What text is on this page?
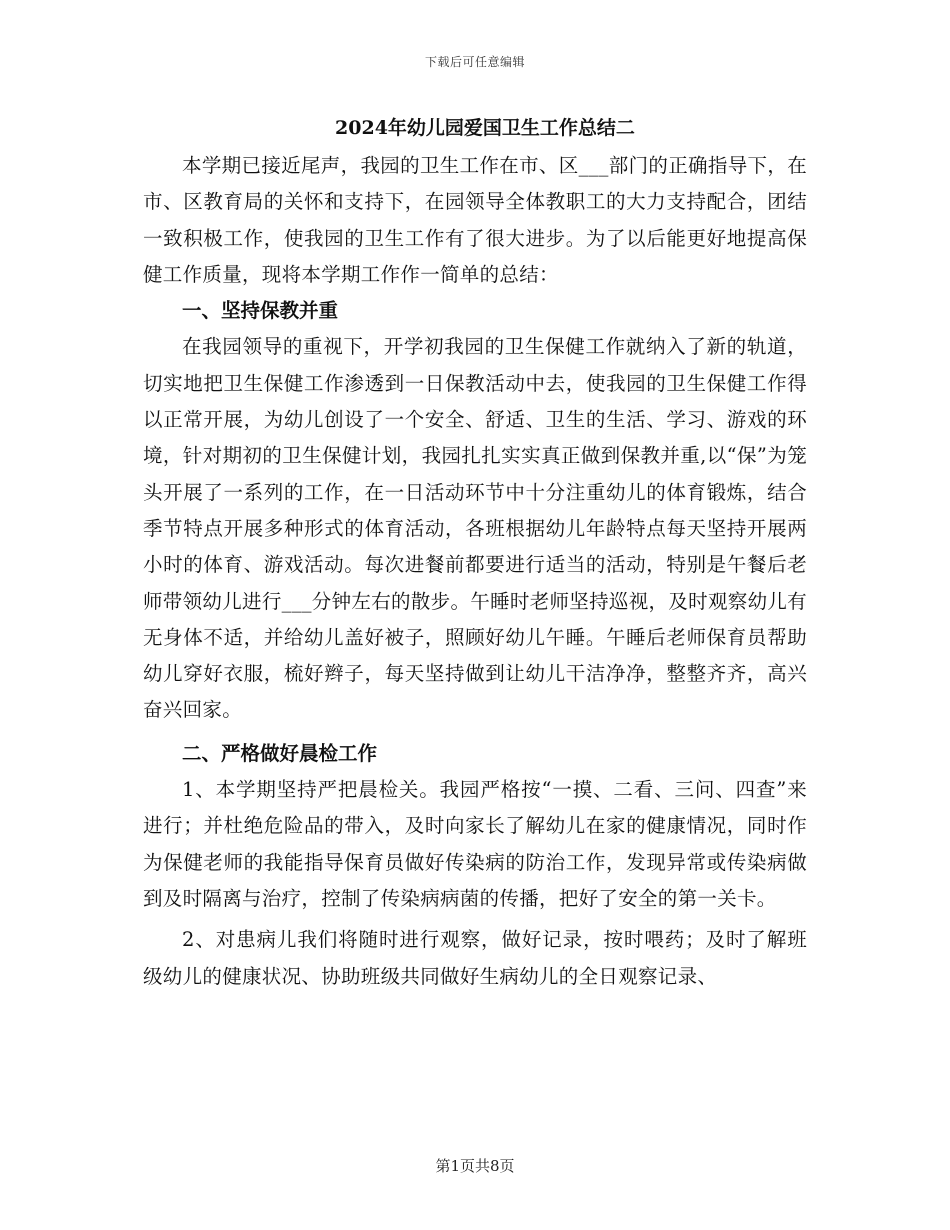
下载后可任意编辑
2024年幼儿园爱国卫生工作总结二

本学期已接近尾声，我园的卫生工作在市、区___部门的正确指导下，在市、区教育局的关怀和支持下，在园领导全体教职工的大力支持配合，团结一致积极工作，使我园的卫生工作有了很大进步。为了以后能更好地提高保健工作质量，现将本学期工作作一简单的总结：

一、坚持保教并重

在我园领导的重视下，开学初我园的卫生保健工作就纳入了新的轨道，切实地把卫生保健工作渗透到一日保教活动中去，使我园的卫生保健工作得以正常开展，为幼儿创设了一个安全、舒适、卫生的生活、学习、游戏的环境，针对期初的卫生保健计划，我园扎扎实实真正做到保教并重,以“保”为笼头开展了一系列的工作，在一日活动环节中十分注重幼儿的体育锻炼，结合季节特点开展多种形式的体育活动，各班根据幼儿年龄特点每天坚持开展两小时的体育、游戏活动。每次进餐前都要进行适当的活动，特别是午餐后老师带领幼儿进行___分钟左右的散步。午睡时老师坚持巡视，及时观察幼儿有无身体不适，并给幼儿盖好被子，照顾好幼儿午睡。午睡后老师保育员帮助幼儿穿好衣服，梳好辫子，每天坚持做到让幼儿干洁净净，整整齐齐，高兴奋兴回家。

二、严格做好晨检工作

1、本学期坚持严把晨检关。我园严格按“一摸、二看、三问、四查”来进行；并杜绝危险品的带入，及时向家长了解幼儿在家的健康情况，同时作为保健老师的我能指导保育员做好传染病的防治工作，发现异常或传染病做到及时隔离与治疗，控制了传染病病菌的传播，把好了安全的第一关卡。

2、对患病儿我们将随时进行观察，做好记录，按时喂药；及时了解班级幼儿的健康状况、协助班级共同做好生病幼儿的全日观察记录、

第1页共8页
